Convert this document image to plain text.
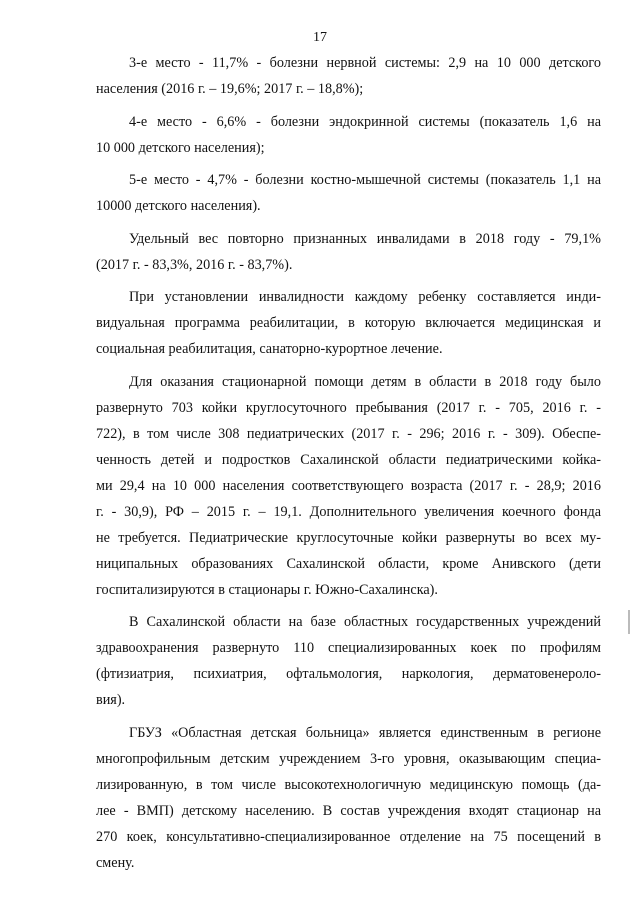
17
3-е место - 11,7% - болезни нервной системы: 2,9 на 10 000 детского
населения (2016 г. – 19,6%; 2017 г. – 18,8%);
4-е место - 6,6% - болезни эндокринной системы (показатель 1,6 на
10 000 детского населения);
5-е место - 4,7% - болезни костно-мышечной системы (показатель 1,1 на
10000 детского населения).
Удельный вес повторно признанных инвалидами в 2018 году - 79,1%
(2017 г. - 83,3%, 2016 г. - 83,7%).
При установлении инвалидности каждому ребенку составляется инди-
видуальная программа реабилитации, в которую включается медицинская и
социальная реабилитация, санаторно-курортное лечение.
Для оказания стационарной помощи детям в области в 2018 году было
развернуто 703 койки круглосуточного пребывания (2017 г. - 705, 2016 г. -
722), в том числе 308 педиатрических (2017 г. - 296; 2016 г. - 309). Обеспе-
ченность детей и подростков Сахалинской области педиатрическими койка-
ми 29,4 на 10 000 населения соответствующего возраста (2017 г. - 28,9; 2016
г. - 30,9), РФ – 2015 г. – 19,1. Дополнительного увеличения коечного фонда
не требуется. Педиатрические круглосуточные койки развернуты во всех му-
ниципальных образованиях Сахалинской области, кроме Анивского (дети
госпитализируются в стационары г. Южно-Сахалинска).
В Сахалинской области на базе областных государственных учреждений
здравоохранения развернуто 110 специализированных коек по профилям
(фтизиатрия, психиатрия, офтальмология, наркология, дерматовенероло-
вия).
ГБУЗ «Областная детская больница» является единственным в регионе
многопрофильным детским учреждением 3-го уровня, оказывающим специа-
лизированную, в том числе высокотехнологичную медицинскую помощь (да-
лее - ВМП) детскому населению. В состав учреждения входят стационар на
270 коек, консультативно-специализированное отделение на 75 посещений в
смену.
